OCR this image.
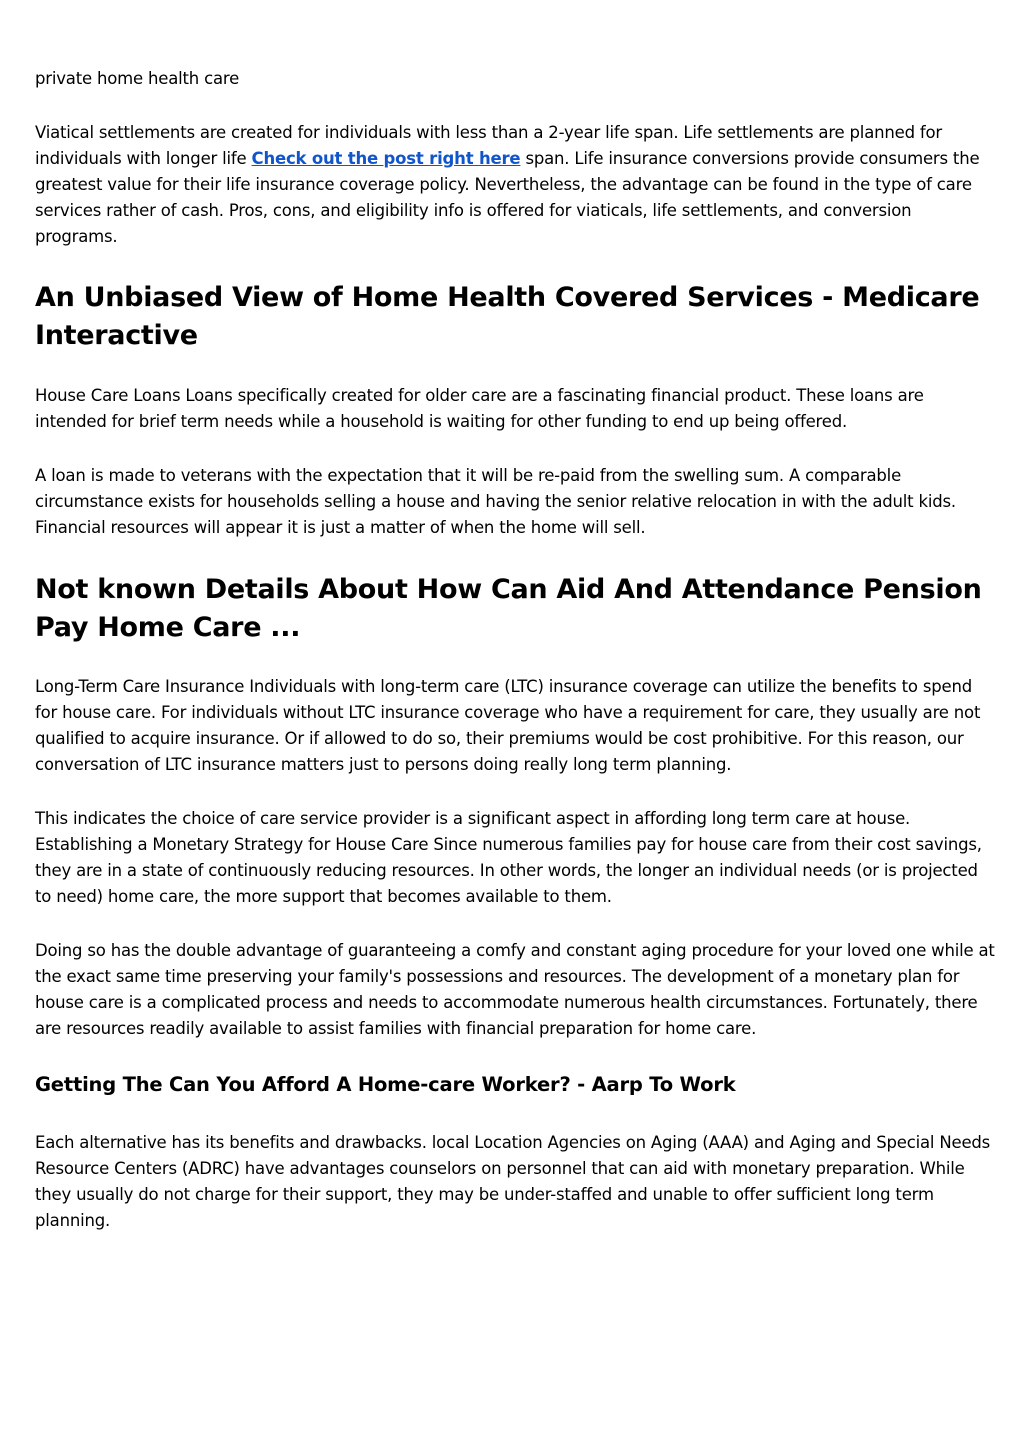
private home health care

Viatical settlements are created for individuals with less than a 2-year life span. Life settlements are planned for individuals with longer life Check out the post right here span. Life insurance conversions provide consumers the greatest value for their life insurance coverage policy. Nevertheless, the advantage can be found in the type of care services rather of cash. Pros, cons, and eligibility info is offered for viaticals, life settlements, and conversion programs.

An Unbiased View of Home Health Covered Services - Medicare Interactive

House Care Loans Loans specifically created for older care are a fascinating financial product. These loans are intended for brief term needs while a household is waiting for other funding to end up being offered.

A loan is made to veterans with the expectation that it will be re-paid from the swelling sum. A comparable circumstance exists for households selling a house and having the senior relative relocation in with the adult kids. Financial resources will appear it is just a matter of when the home will sell.

Not known Details About How Can Aid And Attendance Pension Pay Home Care ...

Long-Term Care Insurance Individuals with long-term care (LTC) insurance coverage can utilize the benefits to spend for house care. For individuals without LTC insurance coverage who have a requirement for care, they usually are not qualified to acquire insurance. Or if allowed to do so, their premiums would be cost prohibitive. For this reason, our conversation of LTC insurance matters just to persons doing really long term planning.

This indicates the choice of care service provider is a significant aspect in affording long term care at house. Establishing a Monetary Strategy for House Care Since numerous families pay for house care from their cost savings, they are in a state of continuously reducing resources. In other words, the longer an individual needs (or is projected to need) home care, the more support that becomes available to them.

Doing so has the double advantage of guaranteeing a comfy and constant aging procedure for your loved one while at the exact same time preserving your family's possessions and resources. The development of a monetary plan for house care is a complicated process and needs to accommodate numerous health circumstances. Fortunately, there are resources readily available to assist families with financial preparation for home care.

Getting The Can You Afford A Home-care Worker? - Aarp To Work

Each alternative has its benefits and drawbacks. local Location Agencies on Aging (AAA) and Aging and Special Needs Resource Centers (ADRC) have advantages counselors on personnel that can aid with monetary preparation. While they usually do not charge for their support, they may be under-staffed and unable to offer sufficient long term planning.
